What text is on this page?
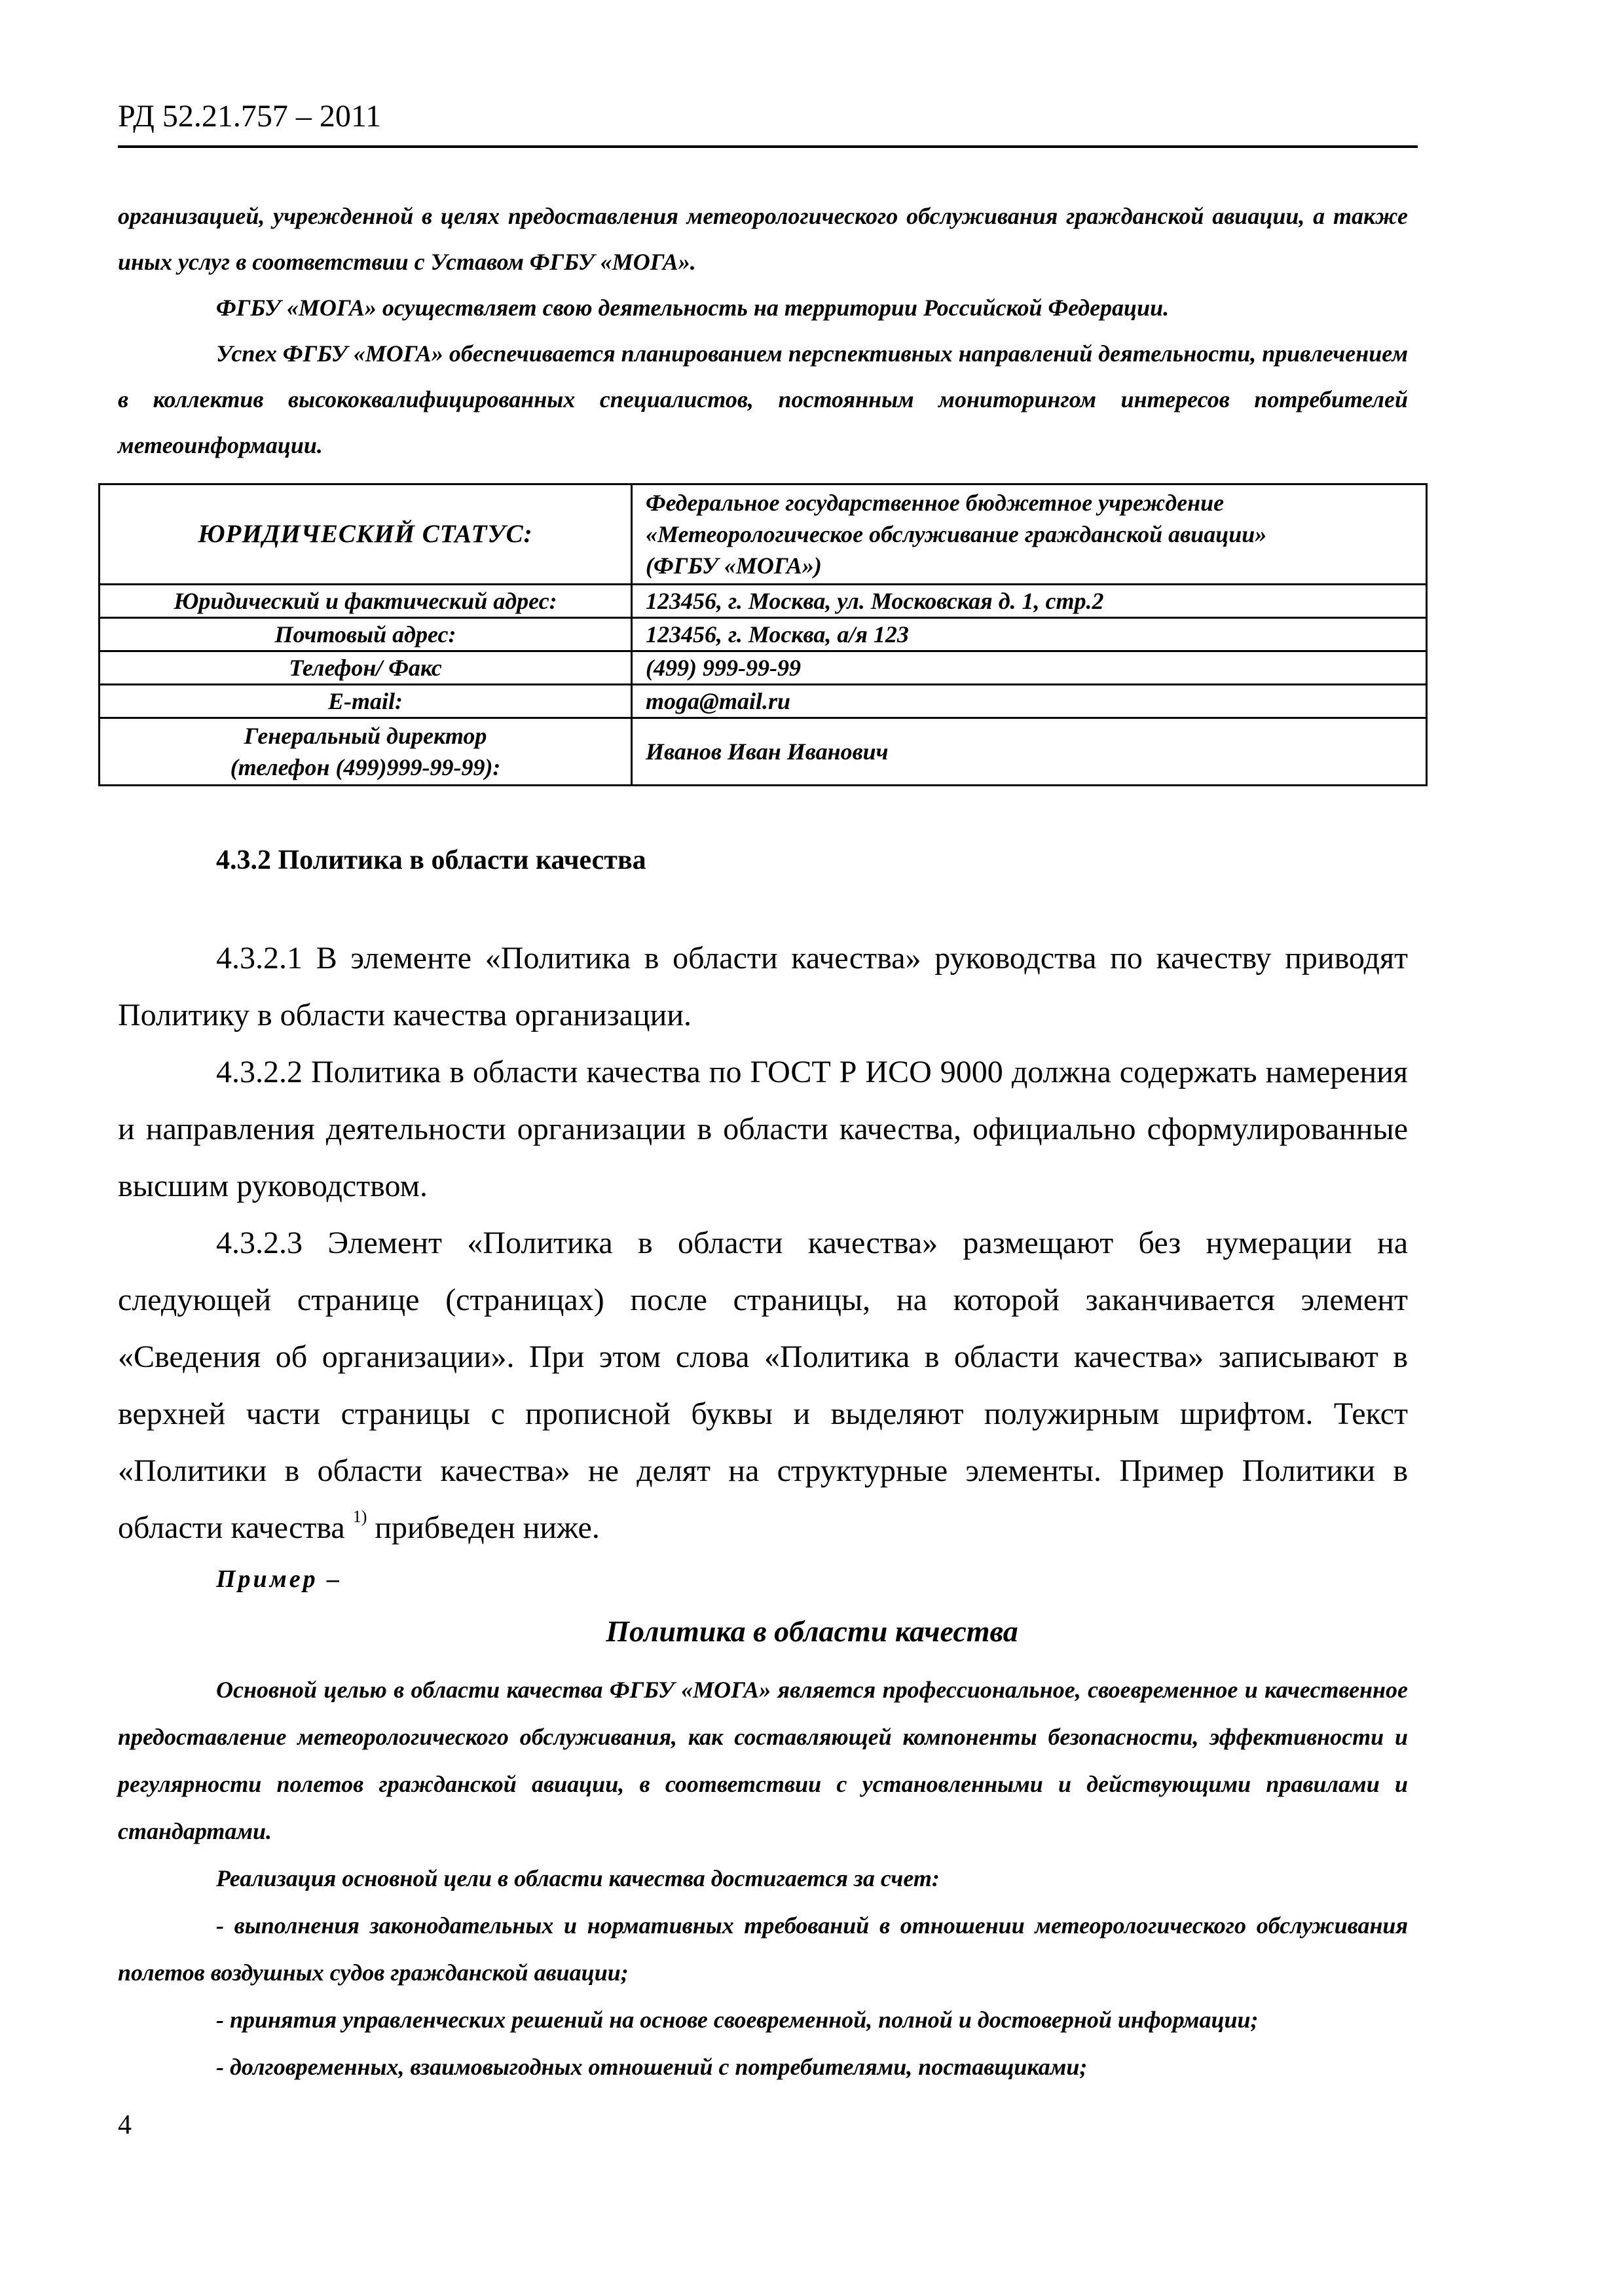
РД 52.21.757 – 2011

организацией, учрежденной в целях предоставления метеорологического обслуживания гражданской авиации, а также иных услуг в соответствии с Уставом ФГБУ «МОГА».

ФГБУ «МОГА» осуществляет свою деятельность на территории Российской Федерации.

Успех ФГБУ «МОГА» обеспечивается планированием перспективных направлений деятельности, привлечением в коллектив высококвалифицированных специалистов, постоянным мониторингом интересов потребителей метеоинформации.

ЮРИДИЧЕСКИЙ СТАТУС:	Федеральное государственное бюджетное учреждение
«Метеорологическое обслуживание гражданской авиации»
(ФГБУ «МОГА»)

Юридический и фактический адрес:	123456, г. Москва, ул. Московская д. 1, стр.2
Почтовый адрес:	123456, г. Москва, а/я 123
Телефон/ Факс	(499) 999-99-99
E-mail:	moga@mail.ru

Генеральный директор
(телефон (499)999-99-99):	Иванов Иван Иванович
4.3.2 Политика в области качества

4.3.2.1 В элементе «Политика в области качества» руководства по качеству приводят Политику в области качества организации.

4.3.2.2 Политика в области качества по ГОСТ Р ИСО 9000 должна содержать намерения и направления деятельности организации в области качества, официально сформулированные высшим руководством.

4.3.2.3 Элемент «Политика в области качества» размещают без нумерации на следующей странице (страницах) после страницы, на которой заканчивается элемент «Сведения об организации». При этом слова «Политика в области качества» записывают в верхней части страницы с прописной буквы и выделяют полужирным шрифтом. Текст «Политики в области качества» не делят на структурные элементы. Пример Политики в области качества $^{1)}$ прибведен ниже.

Пример –
Политика в области качества

Основной целью в области качества ФГБУ «МОГА» является профессиональное, своевременное и качественное предоставление метеорологического обслуживания, как составляющей компоненты безопасности, эффективности и регулярности полетов гражданской авиации, в соответствии с установленными и действующими правилами и стандартами.

Реализация основной цели в области качества достигается за счет:

- выполнения законодательных и нормативных требований в отношении метеорологического обслуживания полетов воздушных судов гражданской авиации;

- принятия управленческих решений на основе своевременной, полной и достоверной информации;

- долговременных, взаимовыгодных отношений с потребителями, поставщиками;

4
